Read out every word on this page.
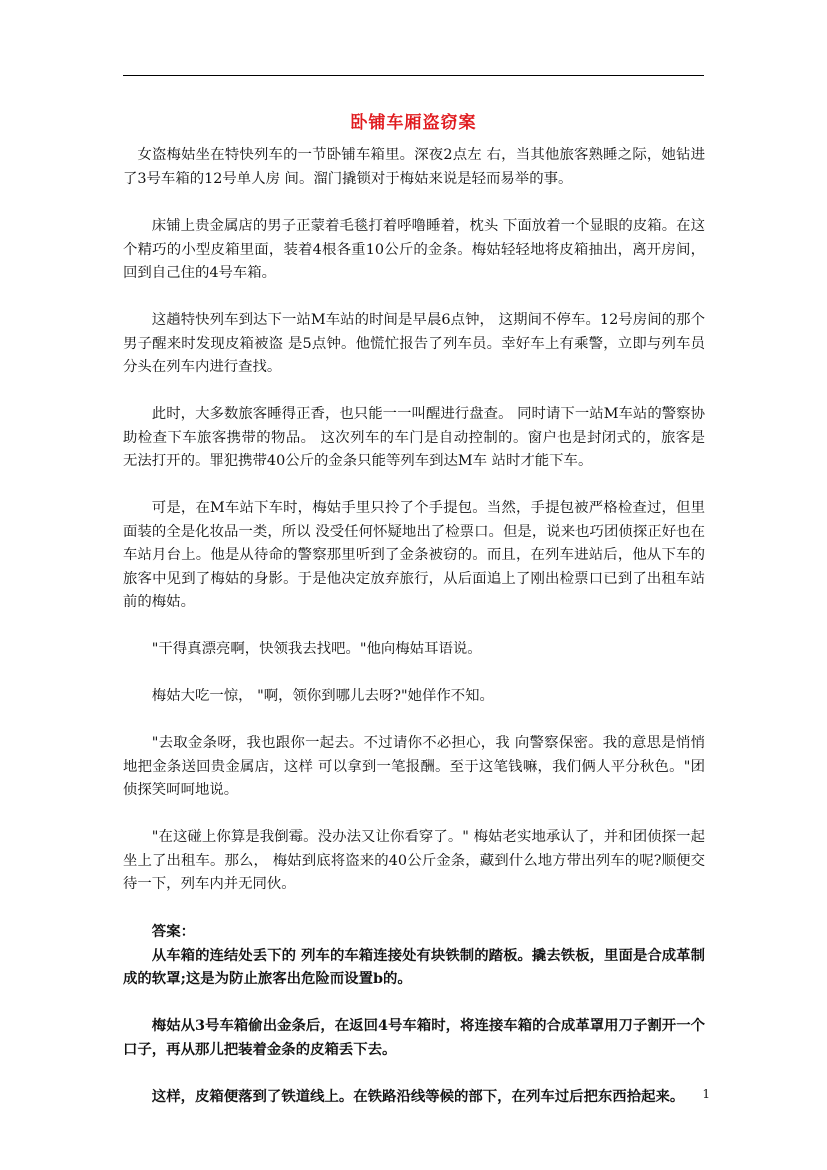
卧铺车厢盗窃案

女盗梅姑坐在特快列车的一节卧铺车箱里。深夜2点左 右，当其他旅客熟睡之际，她钻进了3号车箱的12号单人房 间。溜门撬锁对于梅姑来说是轻而易举的事。

床铺上贵金属店的男子正蒙着毛毯打着呼噜睡着，枕头 下面放着一个显眼的皮箱。在这个精巧的小型皮箱里面，装着4根各重10公斤的金条。梅姑轻轻地将皮箱抽出，离开房间，回到自己住的4号车箱。

这趟特快列车到达下一站M车站的时间是早晨6点钟， 这期间不停车。12号房间的那个男子醒来时发现皮箱被盗 是5点钟。他慌忙报告了列车员。幸好车上有乘警，立即与列车员分头在列车内进行查找。

此时，大多数旅客睡得正香，也只能一一叫醒进行盘查。 同时请下一站M车站的警察协助检查下车旅客携带的物品。 这次列车的车门是自动控制的。窗户也是封闭式的，旅客是 无法打开的。罪犯携带40公斤的金条只能等列车到达M车 站时才能下车。

可是，在M车站下车时，梅姑手里只拎了个手提包。当然，手提包被严格检查过，但里面装的全是化妆品一类，所以 没受任何怀疑地出了检票口。但是，说来也巧团侦探正好也在车站月台上。他是从待命的警察那里听到了金条被窃的。而且，在列车进站后，他从下车的旅客中见到了梅姑的身影。于是他决定放弃旅行，从后面追上了刚出检票口已到了出租车站前的梅姑。

"干得真漂亮啊，快领我去找吧。"他向梅姑耳语说。

梅姑大吃一惊， "啊，领你到哪儿去呀?"她佯作不知。

"去取金条呀，我也跟你一起去。不过请你不必担心，我 向警察保密。我的意思是悄悄地把金条送回贵金属店，这样 可以拿到一笔报酬。至于这笔钱嘛，我们俩人平分秋色。"团侦探笑呵呵地说。

"在这碰上你算是我倒霉。没办法又让你看穿了。" 梅姑老实地承认了，并和团侦探一起坐上了出租车。那么， 梅姑到底将盗来的40公斤金条，藏到什么地方带出列车的呢?顺便交待一下，列车内并无同伙。

答案：

从车箱的连结处丢下的 列车的车箱连接处有块铁制的踏板。撬去铁板，里面是合成革制成的软罩;这是为防止旅客出危险而设置b的。

梅姑从3号车箱偷出金条后，在返回4号车箱时，将连接车箱的合成革罩用刀子割开一个口子，再从那儿把装着金条的皮箱丢下去。

这样，皮箱便落到了铁道线上。在铁路沿线等候的部下，在列车过后把东西拾起来。	1
